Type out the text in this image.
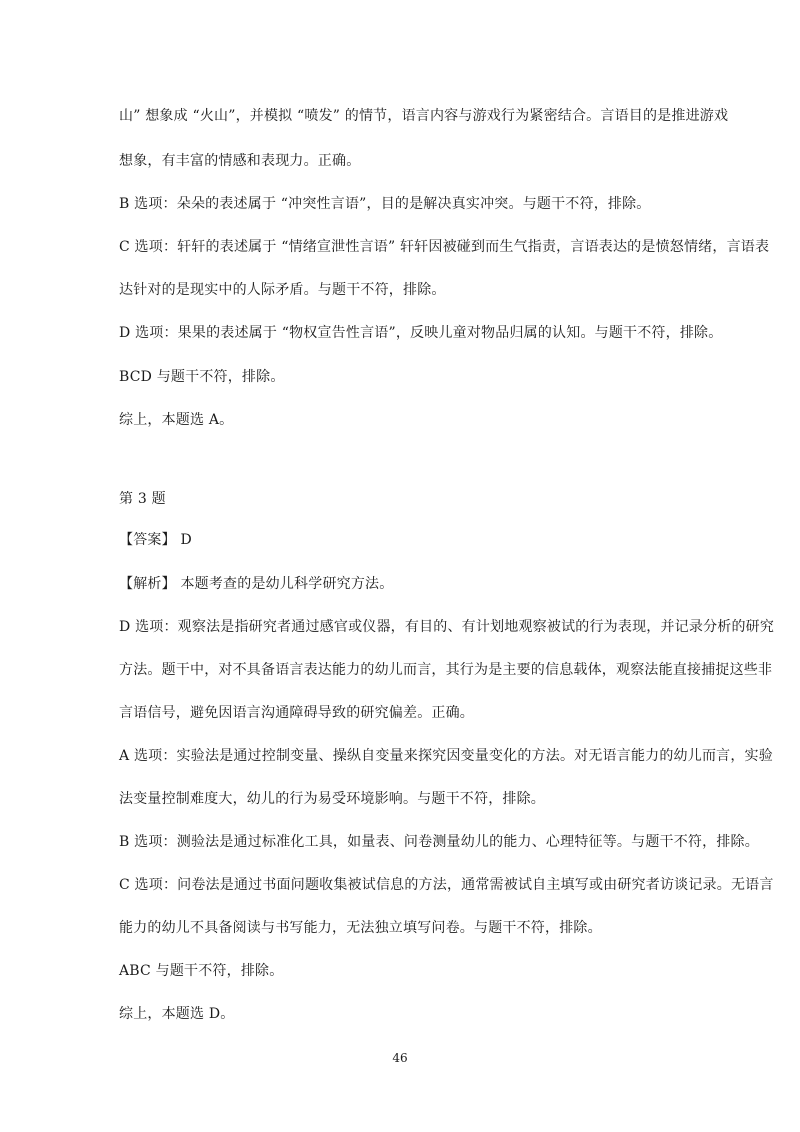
山” 想象成 “火山”，并模拟 “喷发” 的情节，语言内容与游戏行为紧密结合。言语目的是推进游戏
想象，有丰富的情感和表现力。正确。
B 选项：朵朵的表述属于 “冲突性言语”，目的是解决真实冲突。与题干不符，排除。
C 选项：轩轩的表述属于 “情绪宣泄性言语” 轩轩因被碰到而生气指责，言语表达的是愤怒情绪，言语表
达针对的是现实中的人际矛盾。与题干不符，排除。
D 选项：果果的表述属于 “物权宣告性言语”，反映儿童对物品归属的认知。与题干不符，排除。
BCD 与题干不符，排除。
综上，本题选 A。
第 3 题
【答案】 D
【解析】 本题考查的是幼儿科学研究方法。
D 选项：观察法是指研究者通过感官或仪器，有目的、有计划地观察被试的行为表现，并记录分析的研究
方法。题干中，对不具备语言表达能力的幼儿而言，其行为是主要的信息载体，观察法能直接捕捉这些非
言语信号，避免因语言沟通障碍导致的研究偏差。正确。
A 选项：实验法是通过控制变量、操纵自变量来探究因变量变化的方法。对无语言能力的幼儿而言，实验
法变量控制难度大，幼儿的行为易受环境影响。与题干不符，排除。
B 选项：测验法是通过标准化工具，如量表、问卷测量幼儿的能力、心理特征等。与题干不符，排除。
C 选项：问卷法是通过书面问题收集被试信息的方法，通常需被试自主填写或由研究者访谈记录。无语言
能力的幼儿不具备阅读与书写能力，无法独立填写问卷。与题干不符，排除。
ABC 与题干不符，排除。
综上，本题选 D。
46
